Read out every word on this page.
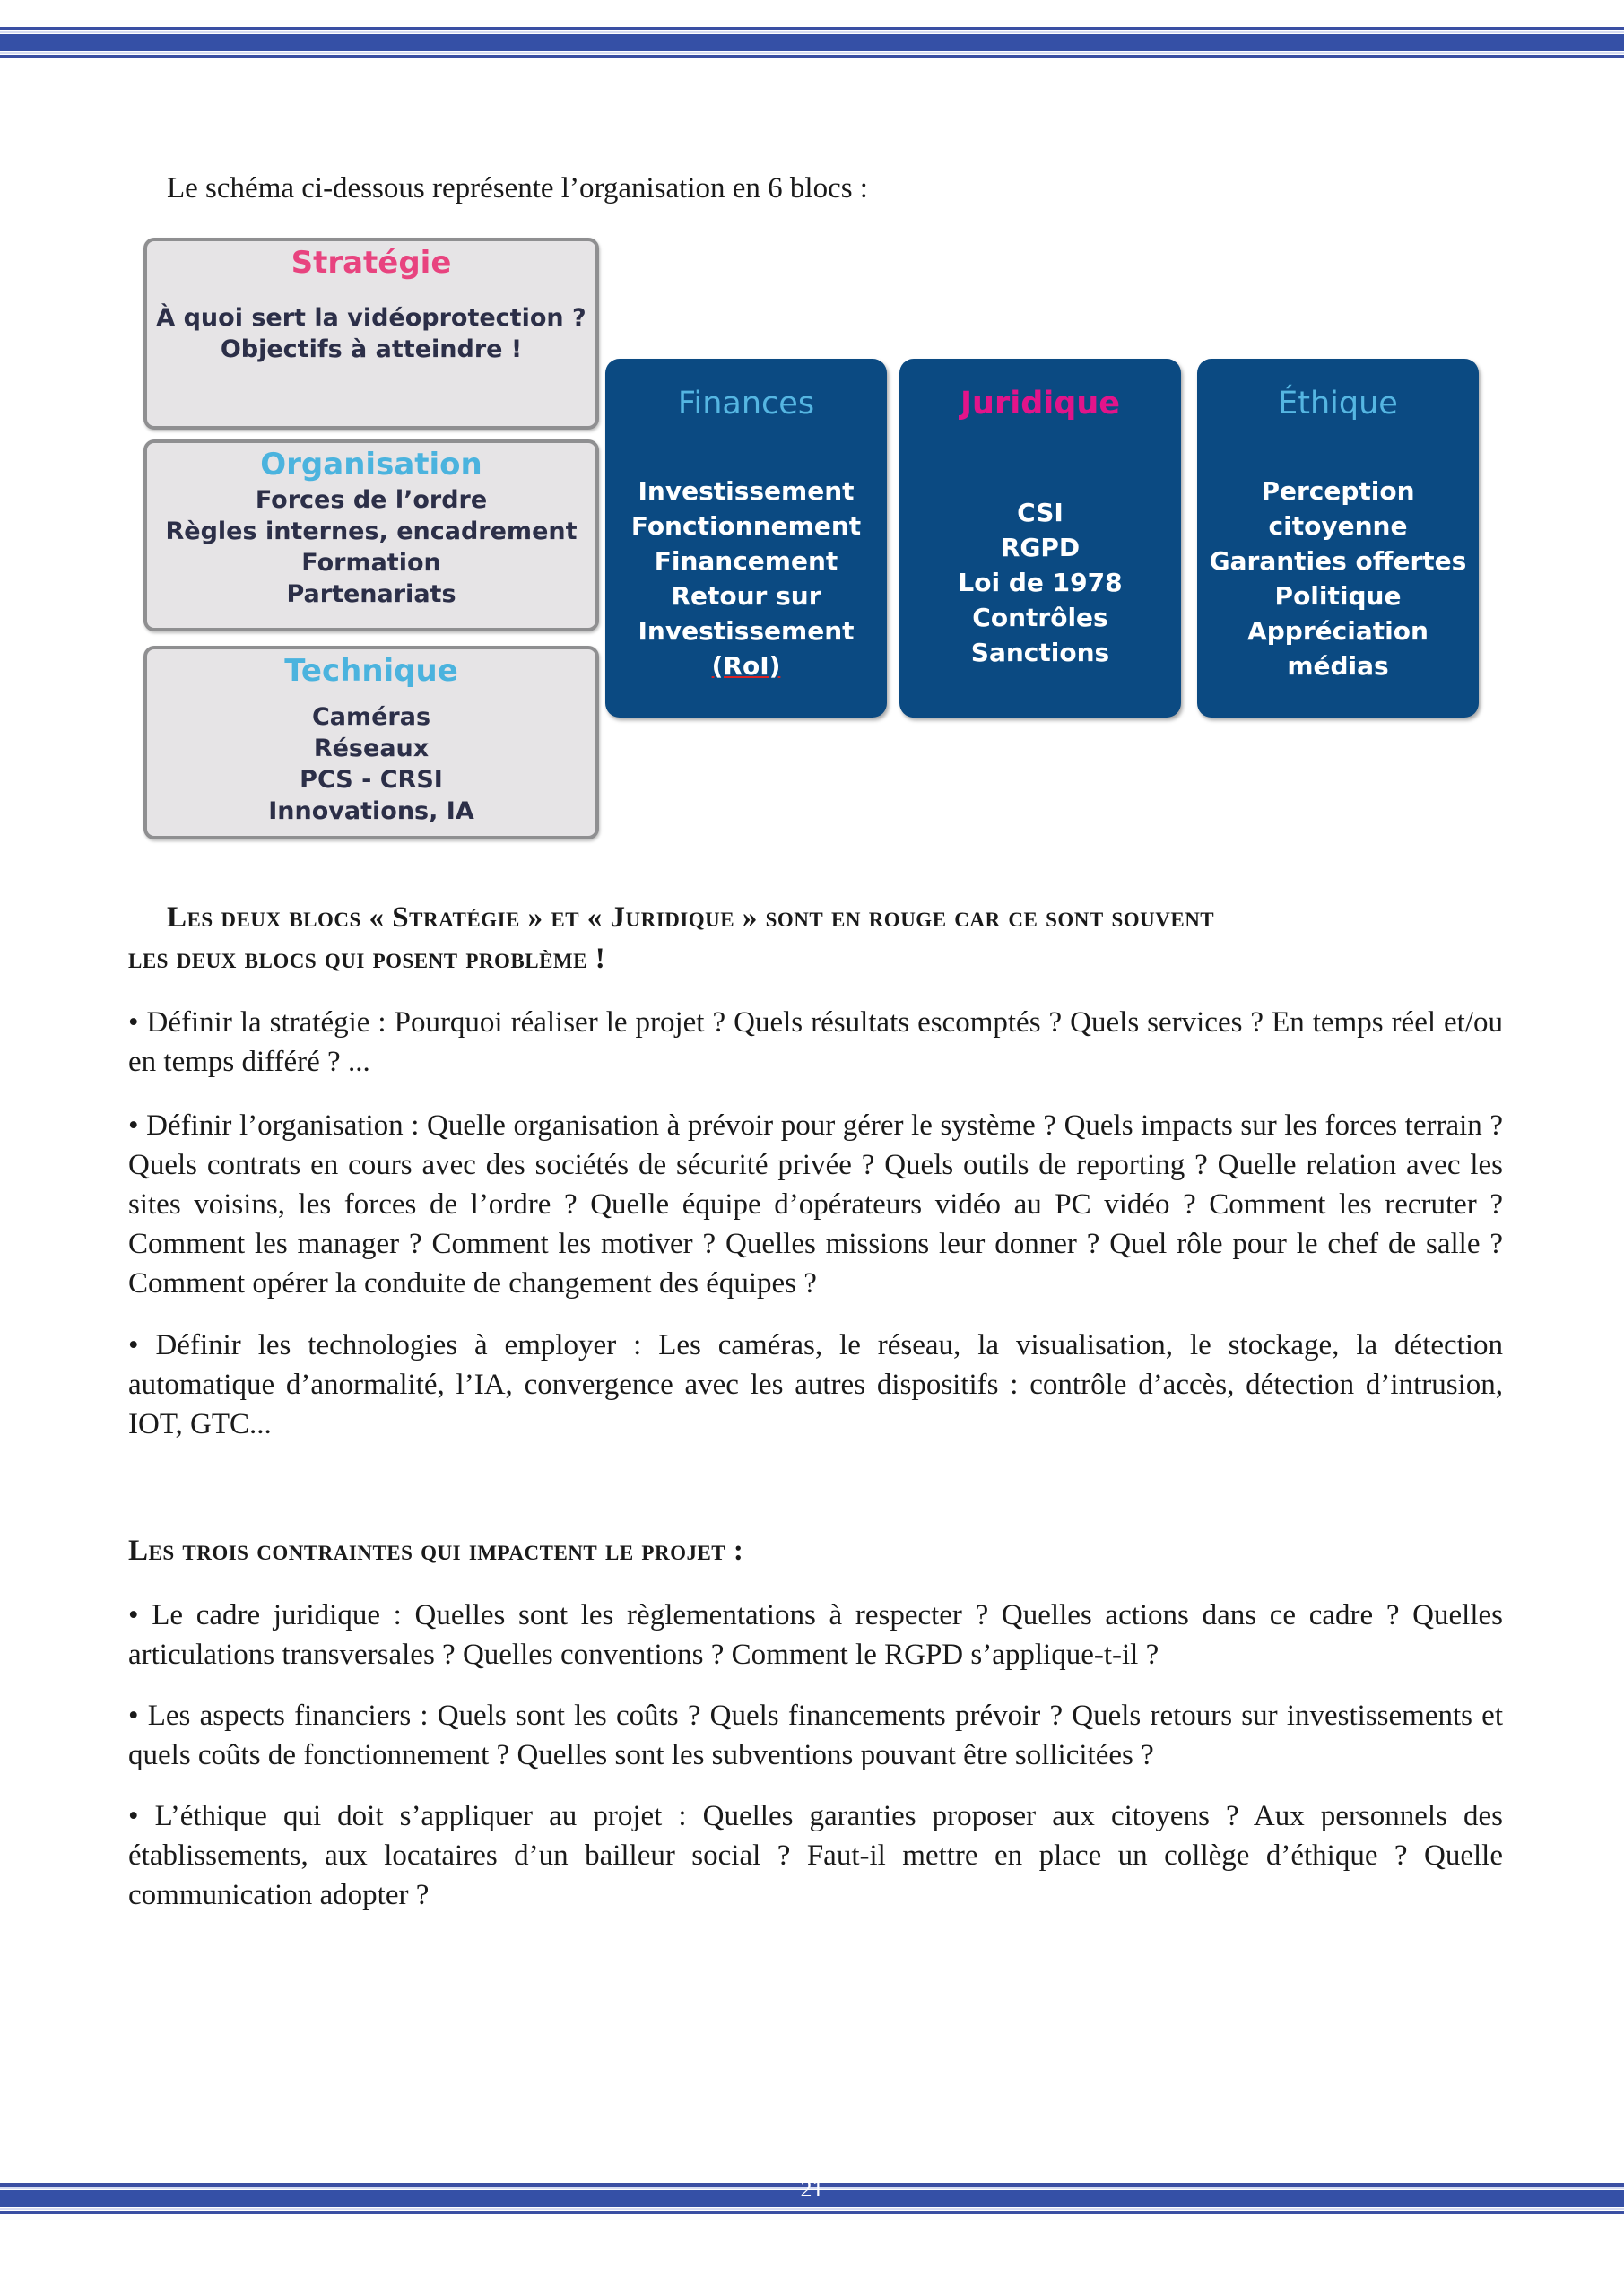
Le schéma ci-dessous représente l’organisation en 6 blocs :
Stratégie
À quoi sert la vidéoprotection ?
Objectifs à atteindre !
Organisation
Forces de l’ordre
Règles internes, encadrement
Formation
Partenariats
Technique
Caméras
Réseaux
PCS - CRSI
Innovations, IA
Finances
Investissement
Fonctionnement
Financement
Retour sur
Investissement
(RoI)
Juridique
CSI
RGPD
Loi de 1978
Contrôles
Sanctions
Éthique
Perception
citoyenne
Garanties offertes
Politique
Appréciation
médias
Les deux blocs « Stratégie » et « Juridique » sont en rouge car ce sont souvent
les deux blocs qui posent problème !

• Définir la stratégie : Pourquoi réaliser le projet ? Quels résultats escomptés ? Quels services ? En temps réel et/ou en temps différé ? ...

• Définir l’organisation : Quelle organisation à prévoir pour gérer le système ? Quels impacts sur les forces terrain ? Quels contrats en cours avec des sociétés de sécurité privée ? Quels outils de reporting ? Quelle relation avec les sites voisins, les forces de l’ordre ? Quelle équipe d’opérateurs vidéo au PC vidéo ? Comment les recruter ? Comment les manager ? Comment les motiver ? Quelles missions leur donner ? Quel rôle pour le chef de salle ? Comment opérer la conduite de changement des équipes ?

• Définir les technologies à employer : Les caméras, le réseau, la visualisation, le stockage, la détection automatique d’anormalité, l’IA, convergence avec les autres dispositifs : contrôle d’accès, détection d’intrusion, IOT, GTC...

Les trois contraintes qui impactent le projet :

• Le cadre juridique : Quelles sont les règlementations à respecter ? Quelles actions dans ce cadre ? Quelles articulations transversales ? Quelles conventions ? Comment le RGPD s’applique-t-il ?

• Les aspects financiers : Quels sont les coûts ? Quels financements prévoir ? Quels retours sur investissements et quels coûts de fonctionnement ? Quelles sont les subventions pouvant être sollicitées ?

• L’éthique qui doit s’appliquer au projet : Quelles garanties proposer aux citoyens ? Aux personnels des établissements, aux locataires d’un bailleur social ? Faut-il mettre en place un collège d’éthique ? Quelle communication adopter ?

21
